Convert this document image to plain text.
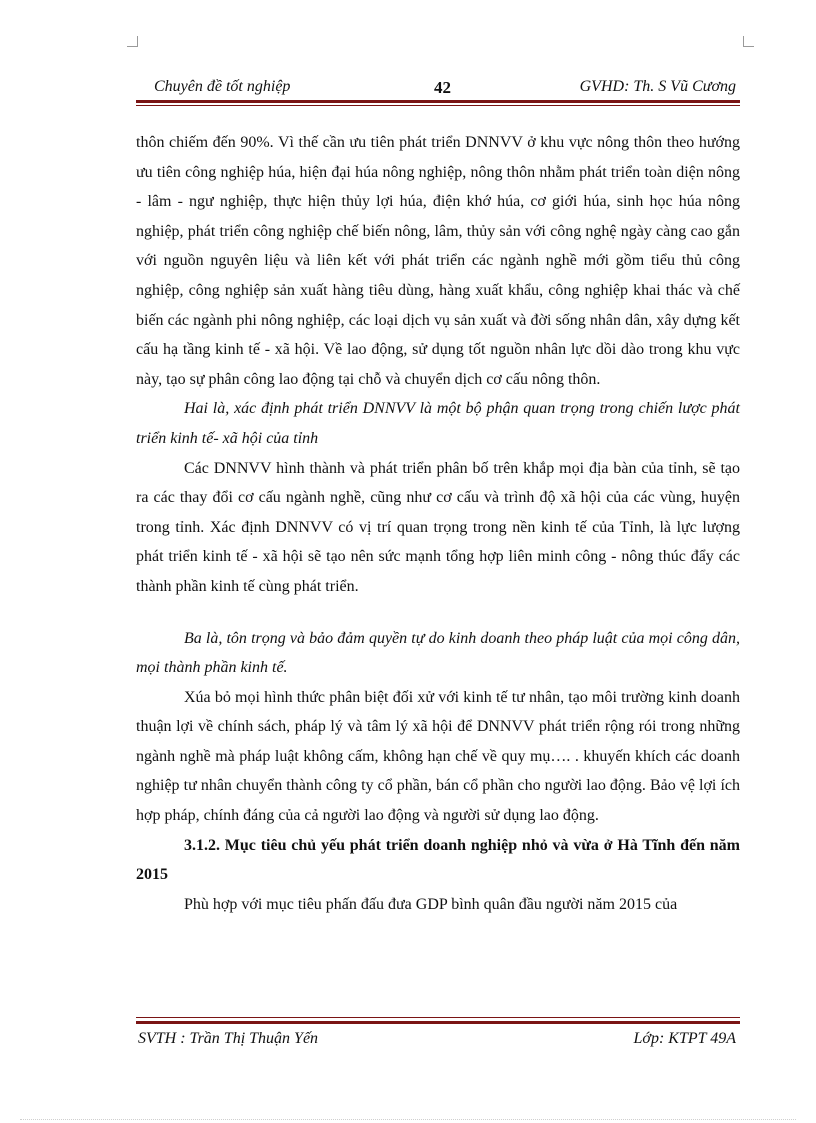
Chuyên đề tốt nghiệp	42	GVHD: Th. S Vũ Cương

thôn chiếm đến 90%. Vì thế cần ưu tiên phát triển DNNVV ở khu vực nông thôn theo hướng ưu tiên công nghiệp húa, hiện đại húa nông nghiệp, nông thôn nhằm phát triển toàn diện nông - lâm - ngư nghiệp, thực hiện thủy lợi húa, điện khớ húa, cơ giới húa, sinh học húa nông nghiệp, phát triển công nghiệp chế biến nông, lâm, thủy sản với công nghệ ngày càng cao gắn với nguồn nguyên liệu và liên kết với phát triển các ngành nghề mới gồm tiểu thủ công nghiệp, công nghiệp sản xuất hàng tiêu dùng, hàng xuất khẩu, công nghiệp khai thác và chế biến các ngành phi nông nghiệp, các loại dịch vụ sản xuất và đời sống nhân dân, xây dựng kết cấu hạ tầng kinh tế - xã hội. Về lao động, sử dụng tốt nguồn nhân lực dồi dào trong khu vực này, tạo sự phân công lao động tại chỗ và chuyển dịch cơ cấu nông thôn.

Hai là, xác định phát triển DNNVV là một bộ phận quan trọng trong chiến lược phát triển kinh tế- xã hội của tỉnh

Các DNNVV hình thành và phát triển phân bố trên khắp mọi địa bàn của tỉnh, sẽ tạo ra các thay đổi cơ cấu ngành nghề, cũng như cơ cấu và trình độ xã hội của các vùng, huyện trong tỉnh. Xác định DNNVV có vị trí quan trọng trong nền kinh tế của Tỉnh, là lực lượng phát triển kinh tế - xã hội sẽ tạo nên sức mạnh tổng hợp liên minh công - nông thúc đẩy các thành phần kinh tế cùng phát triển.

Ba là, tôn trọng và bảo đảm quyền tự do kinh doanh theo pháp luật của mọi công dân, mọi thành phần kinh tế.

Xúa bỏ mọi hình thức phân biệt đối xử với kinh tế tư nhân, tạo môi trường kinh doanh thuận lợi về chính sách, pháp lý và tâm lý xã hội để DNNVV phát triển rộng rói trong những ngành nghề mà pháp luật không cấm, không hạn chế về quy mụ…. . khuyến khích các doanh nghiệp tư nhân chuyển thành công ty cổ phần, bán cổ phần cho người lao động. Bảo vệ lợi ích hợp pháp, chính đáng của cả người lao động và người sử dụng lao động.

3.1.2. Mục tiêu chủ yếu phát triển doanh nghiệp nhỏ và vừa ở Hà Tĩnh đến năm 2015

Phù hợp với mục tiêu phấn đấu đưa GDP bình quân đầu người năm 2015 của

SVTH : Trần Thị Thuận Yến	Lớp: KTPT 49A
